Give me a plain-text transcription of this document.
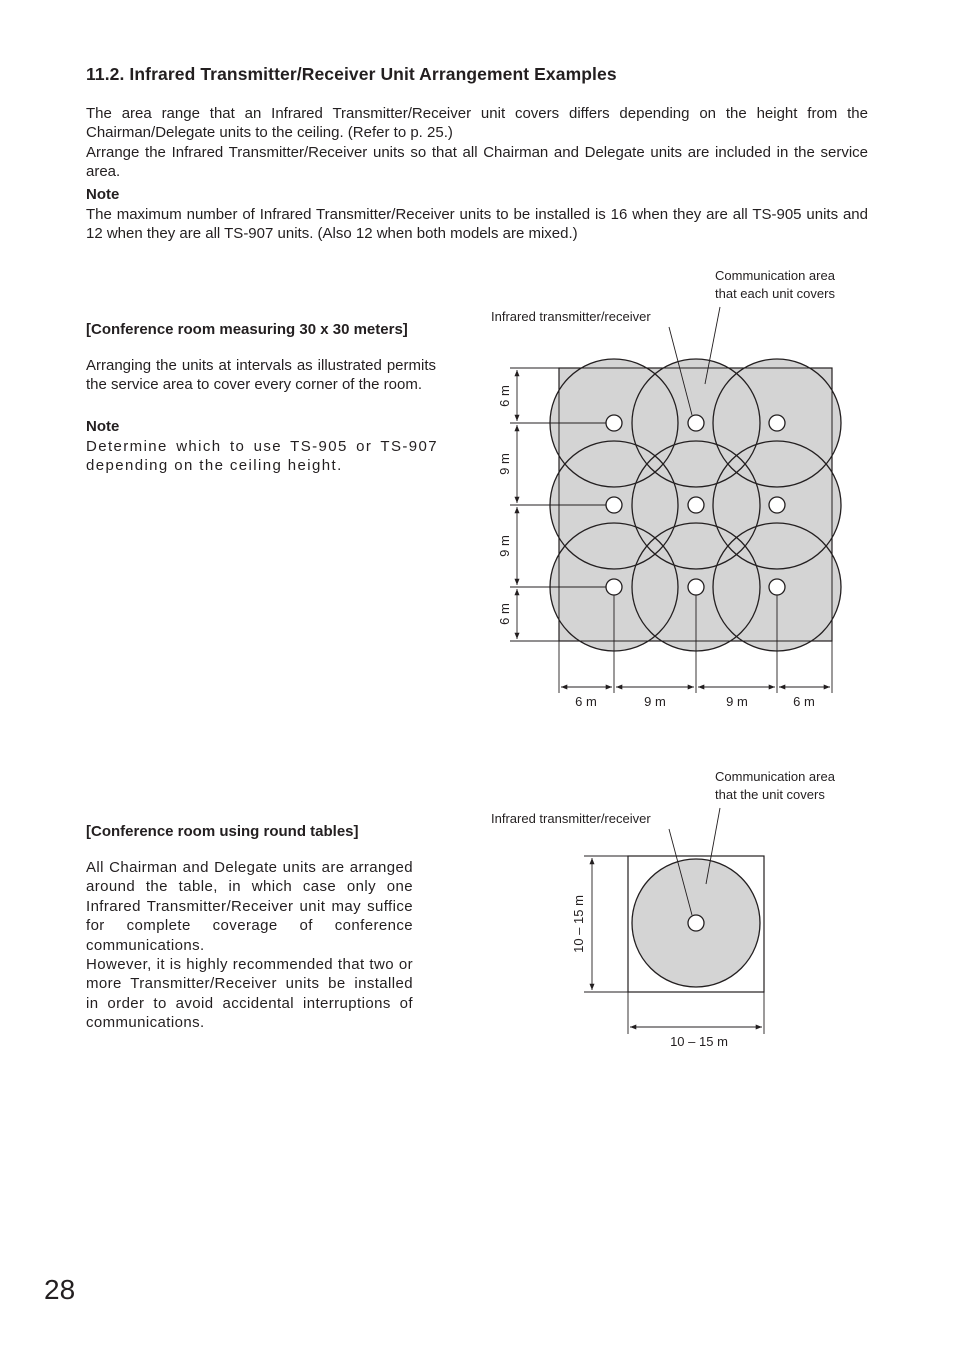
11.2. Infrared Transmitter/Receiver Unit Arrangement Examples

The area range that an Infrared Transmitter/Receiver unit covers differs depending on the height from the Chairman/Delegate units to the ceiling. (Refer to p. 25.)

Arrange the Infrared Transmitter/Receiver units so that all Chairman and Delegate units are included in the service area.

Note

The maximum number of Infrared Transmitter/Receiver units to be installed is 16 when they are all TS-905 units and 12 when they are all TS-907 units. (Also 12 when both models are mixed.)

[Conference room measuring 30 x 30 meters]

Arranging the units at intervals as illustrated permits the service area to cover every corner of the room.

Note

Determine which to use TS-905 or TS-907 depending on the ceiling height.

[Conference room using round tables]

All Chairman and Delegate units are arranged around the table, in which case only one Infrared Transmitter/Receiver unit may suffice for complete coverage of conference communications.

However, it is highly recommended that two or more Transmitter/Receiver units be installed in order to avoid accidental interruptions of communications.

6 m
9 m
9 m
6 m
6 m	9 m	9 m	6 m
Communication area
that each unit covers
Infrared transmitter/receiver
10 – 15 m
10 – 15 m
Communication area
that the unit covers
Infrared transmitter/receiver

28
